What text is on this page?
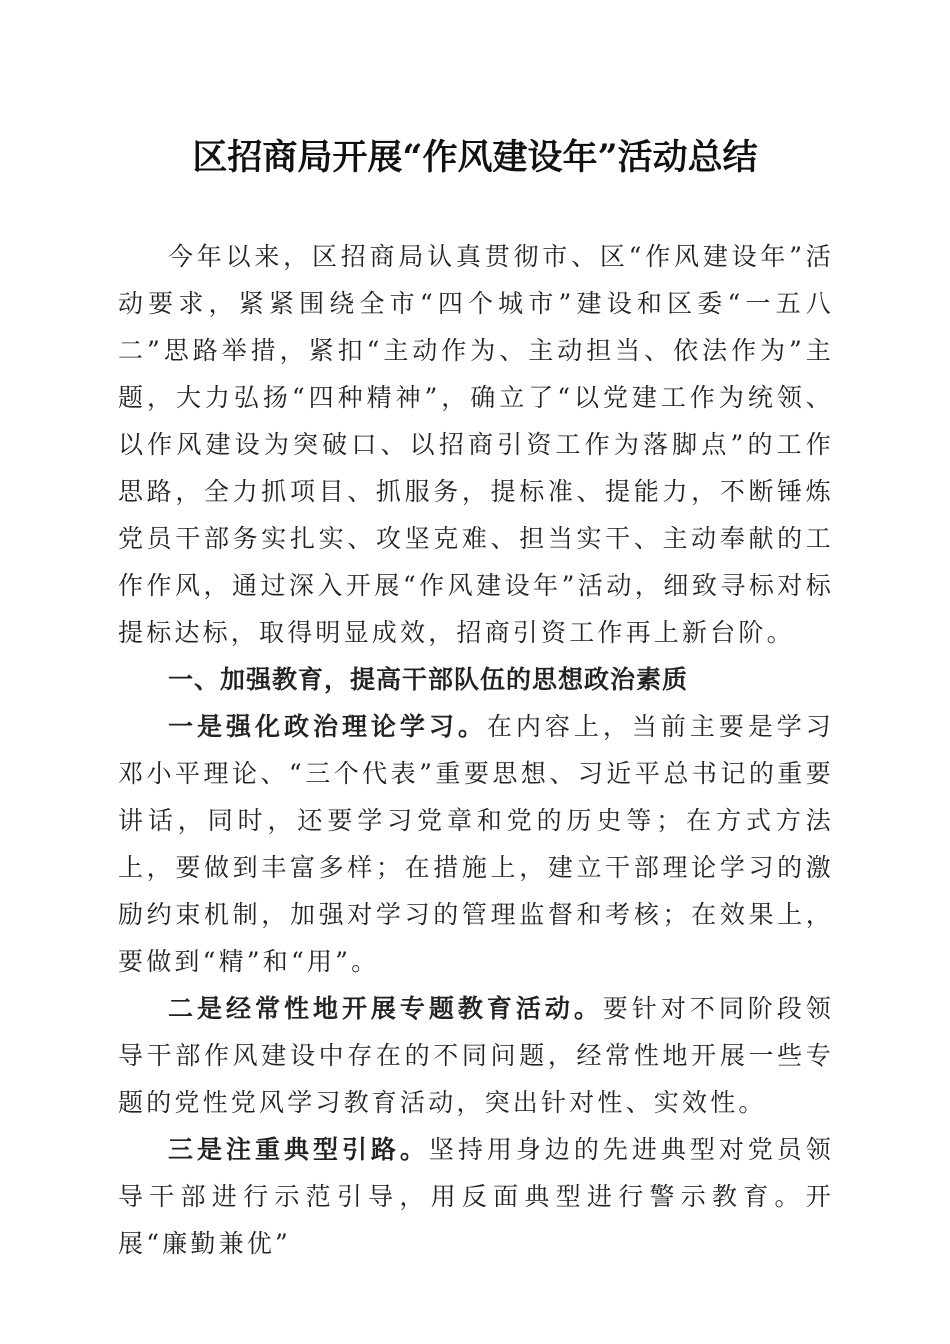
区招商局开展“作风建设年”活动总结

今年以来，区招商局认真贯彻市、区“作风建设年”活动要求，紧紧围绕全市“四个城市”建设和区委“一五八二”思路举措，紧扣“主动作为、主动担当、依法作为”主题，大力弘扬“四种精神”，确立了“以党建工作为统领、以作风建设为突破口、以招商引资工作为落脚点”的工作思路，全力抓项目、抓服务，提标准、提能力，不断锤炼党员干部务实扎实、攻坚克难、担当实干、主动奉献的工作作风，通过深入开展“作风建设年”活动，细致寻标对标提标达标，取得明显成效，招商引资工作再上新台阶。

一、加强教育，提高干部队伍的思想政治素质

一是强化政治理论学习。在内容上，当前主要是学习邓小平理论、“三个代表”重要思想、习近平总书记的重要讲话，同时，还要学习党章和党的历史等；在方式方法上，要做到丰富多样；在措施上，建立干部理论学习的激励约束机制，加强对学习的管理监督和考核；在效果上，要做到“精”和“用”。

二是经常性地开展专题教育活动。要针对不同阶段领导干部作风建设中存在的不同问题，经常性地开展一些专题的党性党风学习教育活动，突出针对性、实效性。

三是注重典型引路。坚持用身边的先进典型对党员领导干部进行示范引导，用反面典型进行警示教育。开展“廉勤兼优”
